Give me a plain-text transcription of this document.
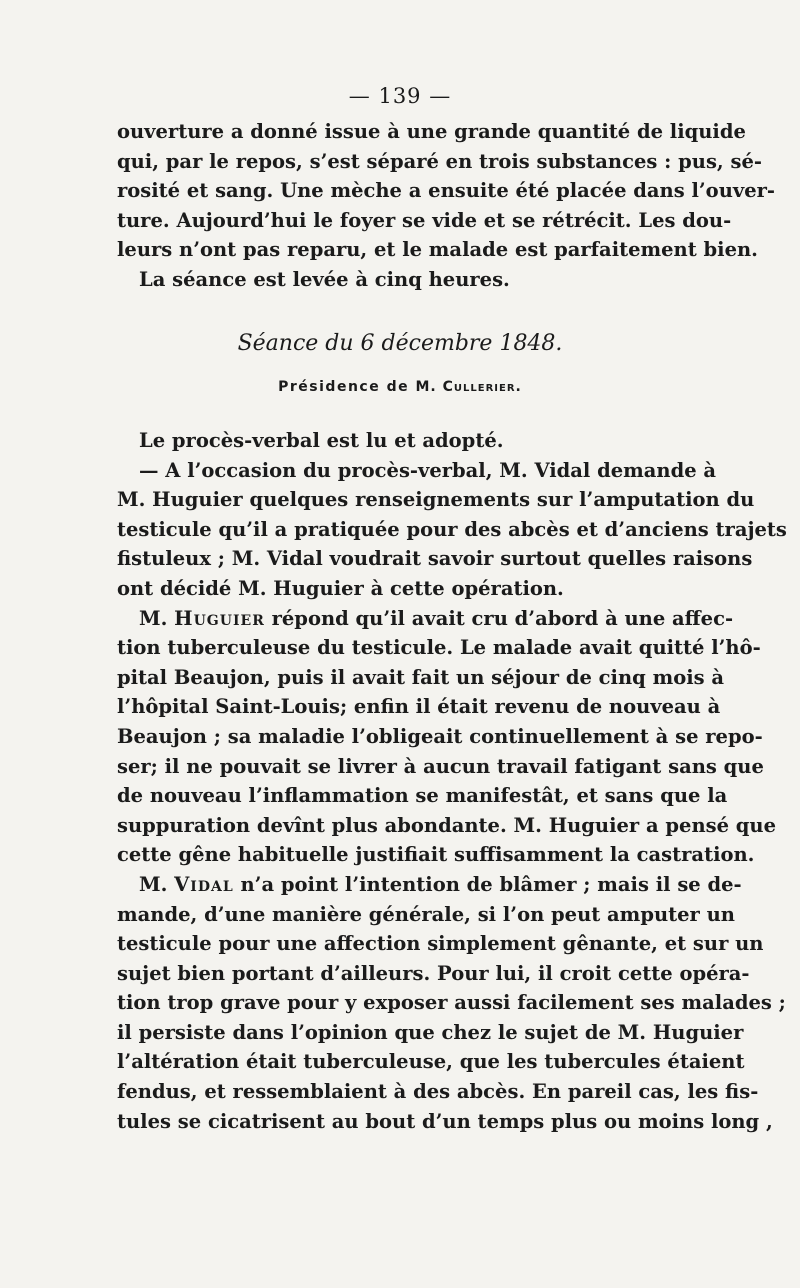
— 139 —

ouverture a donné issue à une grande quantité de liquide
qui, par le repos, s’est séparé en trois substances : pus, sé-
rosité et sang. Une mèche a ensuite été placée dans l’ouver-
ture. Aujourd’hui le foyer se vide et se rétrécit. Les dou-
leurs n’ont pas reparu, et le malade est parfaitement bien.

La séance est levée à cinq heures.

Séance du 6 décembre 1848.
Présidence de M. Cullerier.

Le procès-verbal est lu et adopté.

— A l’occasion du procès-verbal, M. Vidal demande à
M. Huguier quelques renseignements sur l’amputation du
testicule qu’il a pratiquée pour des abcès et d’anciens trajets
fistuleux ; M. Vidal voudrait savoir surtout quelles raisons
ont décidé M. Huguier à cette opération.

M. Huguier répond qu’il avait cru d’abord à une affec-
tion tuberculeuse du testicule. Le malade avait quitté l’hô-
pital Beaujon, puis il avait fait un séjour de cinq mois à
l’hôpital Saint-Louis; enfin il était revenu de nouveau à
Beaujon ; sa maladie l’obligeait continuellement à se repo-
ser; il ne pouvait se livrer à aucun travail fatigant sans que
de nouveau l’inflammation se manifestât, et sans que la
suppuration devînt plus abondante. M. Huguier a pensé que
cette gêne habituelle justifiait suffisamment la castration.

M. Vidal n’a point l’intention de blâmer ; mais il se de-
mande, d’une manière générale, si l’on peut amputer un
testicule pour une affection simplement gênante, et sur un
sujet bien portant d’ailleurs. Pour lui, il croit cette opéra-
tion trop grave pour y exposer aussi facilement ses malades ;
il persiste dans l’opinion que chez le sujet de M. Huguier
l’altération était tuberculeuse, que les tubercules étaient
fendus, et ressemblaient à des abcès. En pareil cas, les fis-
tules se cicatrisent au bout d’un temps plus ou moins long ,
